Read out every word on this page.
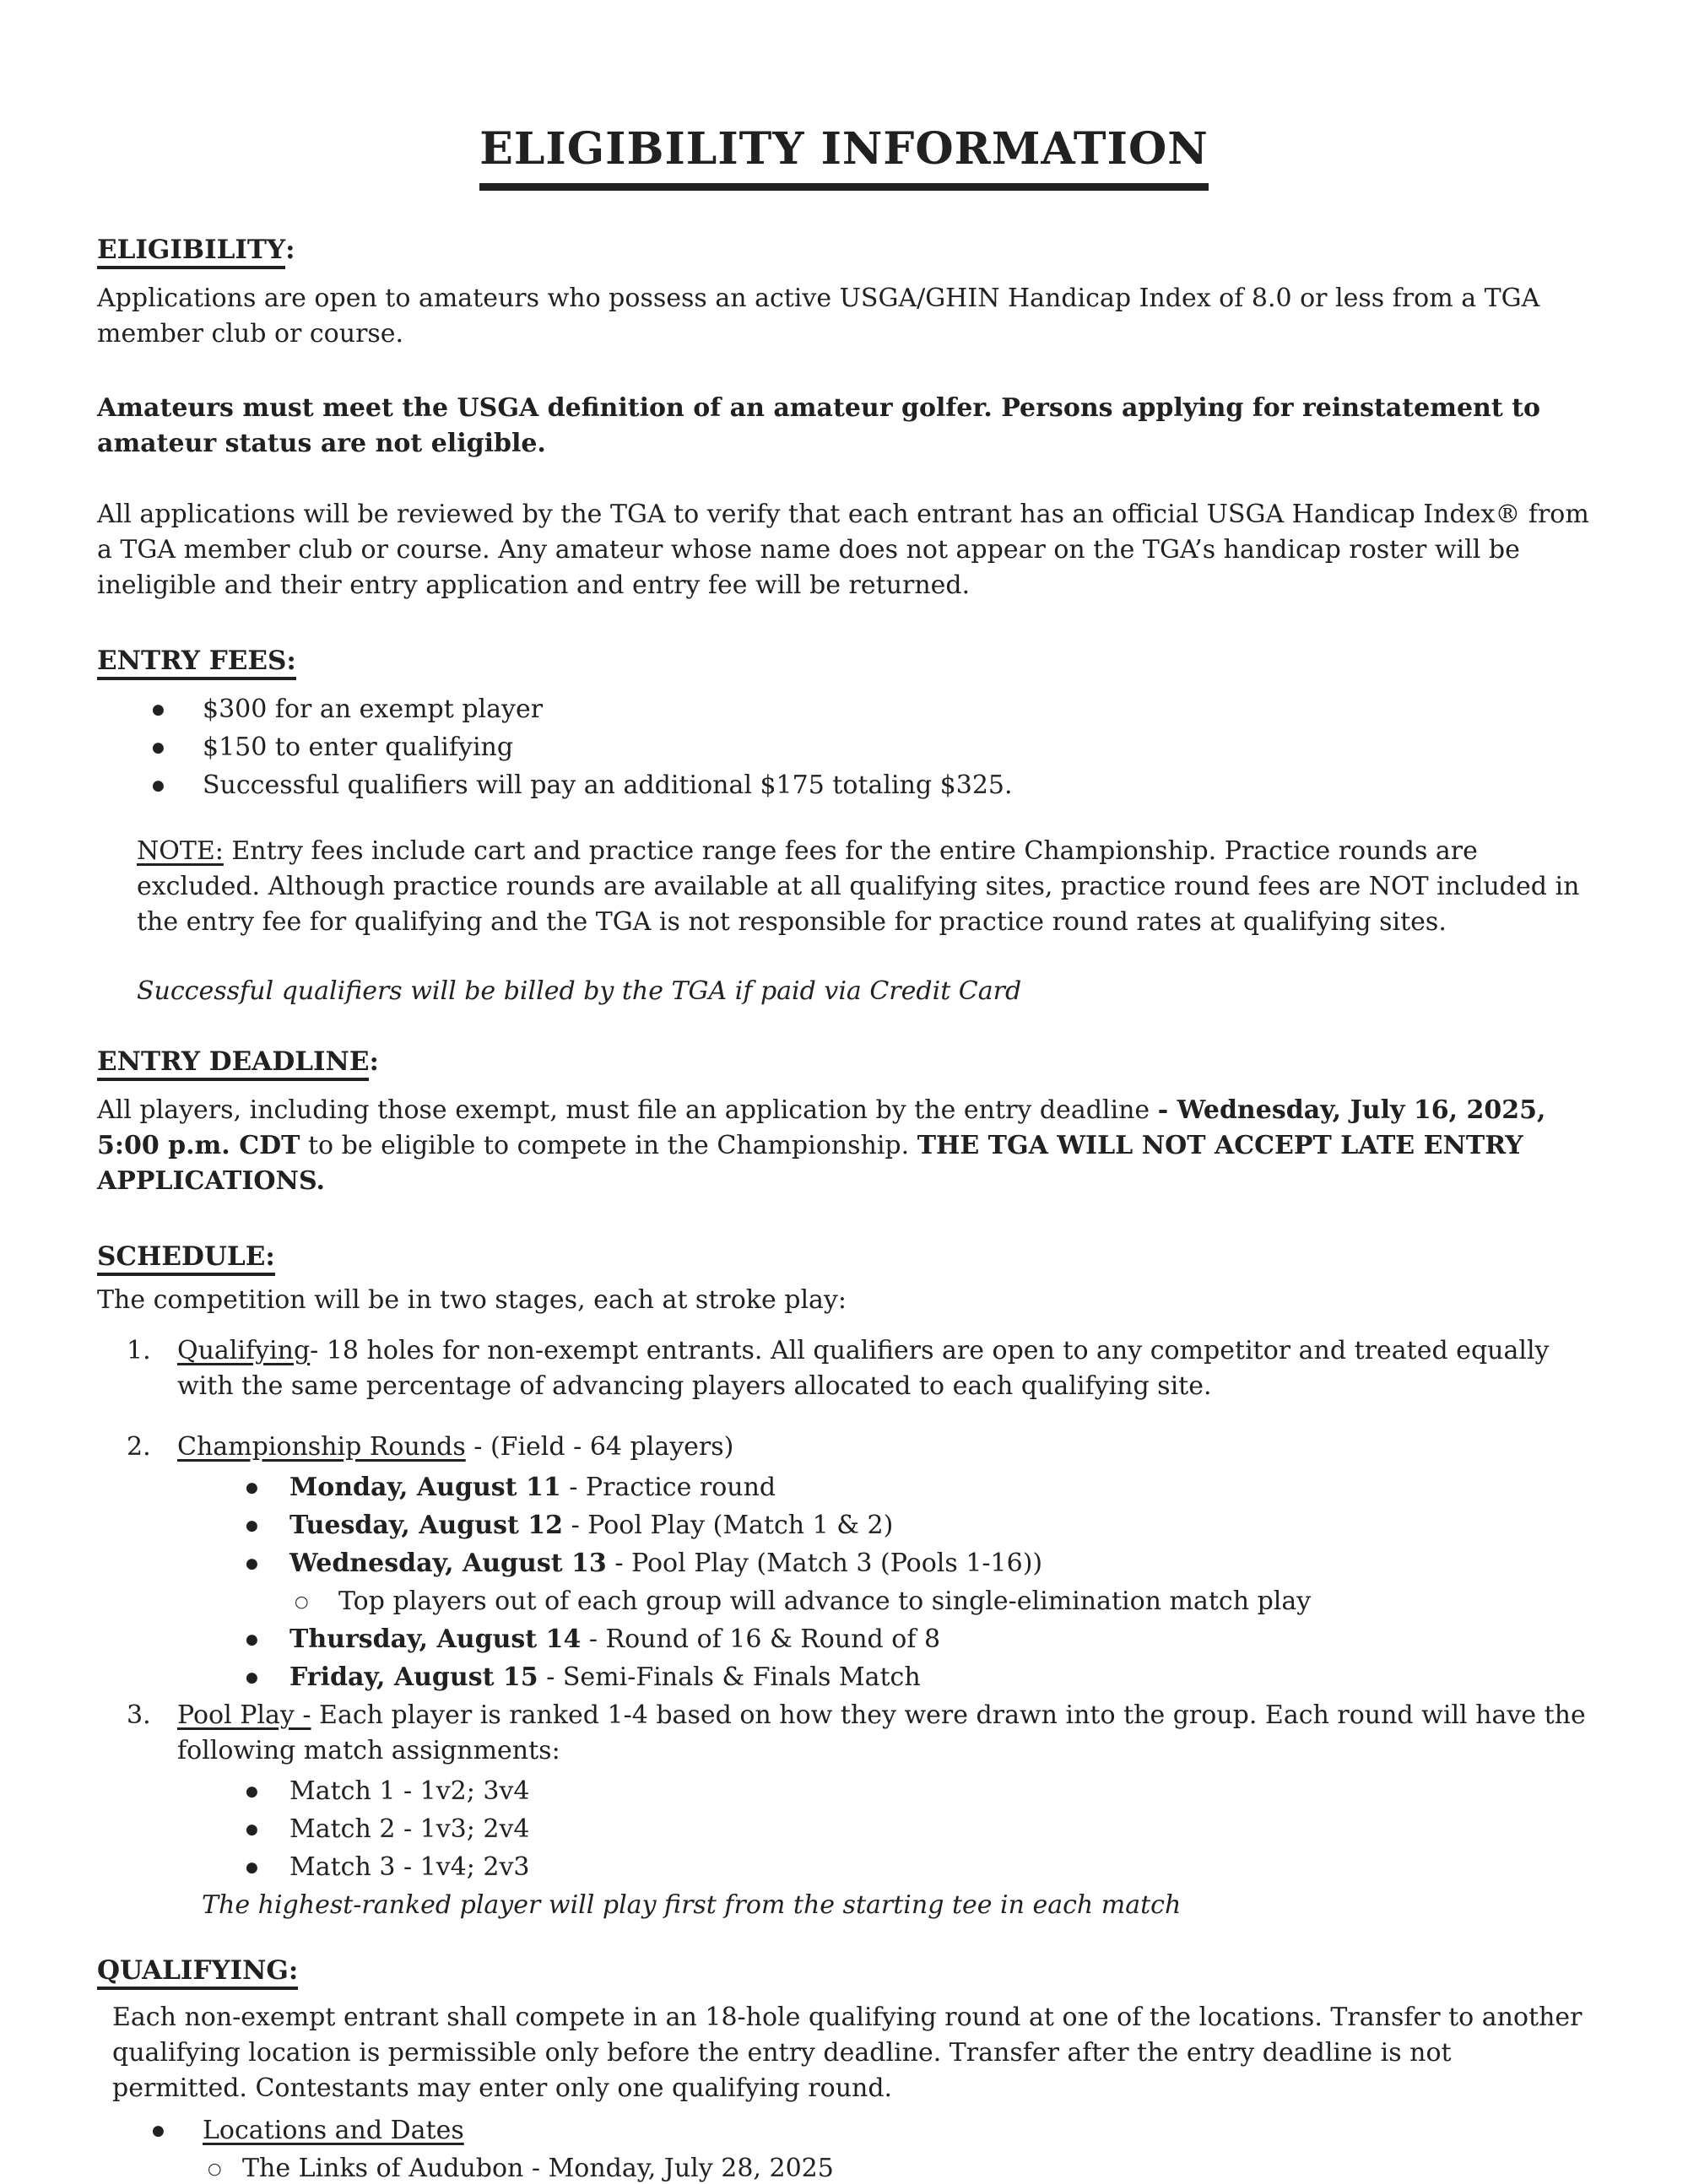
ELIGIBILITY INFORMATION
ELIGIBILITY:

Applications are open to amateurs who possess an active USGA/GHIN Handicap Index of 8.0 or less from a TGA member club or course.

Amateurs must meet the USGA definition of an amateur golfer. Persons applying for reinstatement to amateur status are not eligible.

All applications will be reviewed by the TGA to verify that each entrant has an official USGA Handicap Index® from a TGA member club or course. Any amateur whose name does not appear on the TGA’s handicap roster will be ineligible and their entry application and entry fee will be returned.

ENTRY FEES:
●	$300 for an exempt player
●	$150 to enter qualifying
●	Successful qualifiers will pay an additional $175 totaling $325.

NOTE: Entry fees include cart and practice range fees for the entire Championship. Practice rounds are excluded. Although practice rounds are available at all qualifying sites, practice round fees are NOT included in the entry fee for qualifying and the TGA is not responsible for practice round rates at qualifying sites.

Successful qualifiers will be billed by the TGA if paid via Credit Card

ENTRY DEADLINE:

All players, including those exempt, must file an application by the entry deadline - Wednesday, July 16, 2025, 5:00 p.m. CDT to be eligible to compete in the Championship. THE TGA WILL NOT ACCEPT LATE ENTRY APPLICATIONS.

SCHEDULE:

The competition will be in two stages, each at stroke play:

1.	Qualifying- 18 holes for non-exempt entrants. All qualifiers are open to any competitor and treated equally with the same percentage of advancing players allocated to each qualifying site.
2.	Championship Rounds - (Field - 64 players)
●	Monday, August 11 - Practice round
●	Tuesday, August 12 - Pool Play (Match 1 & 2)
●	Wednesday, August 13 - Pool Play (Match 3 (Pools 1-16))
○	Top players out of each group will advance to single-elimination match play
●	Thursday, August 14 - Round of 16 & Round of 8
●	Friday, August 15 - Semi-Finals & Finals Match
3.	Pool Play - Each player is ranked 1-4 based on how they were drawn into the group. Each round will have the following match assignments:
●	Match 1 - 1v2; 3v4
●	Match 2 - 1v3; 2v4
●	Match 3 - 1v4; 2v3

The highest-ranked player will play first from the starting tee in each match

QUALIFYING:

Each non-exempt entrant shall compete in an 18-hole qualifying round at one of the locations. Transfer to another qualifying location is permissible only before the entry deadline. Transfer after the entry deadline is not permitted. Contestants may enter only one qualifying round.

●	Locations and Dates
○ The Links of Audubon - Monday, July 28, 2025
